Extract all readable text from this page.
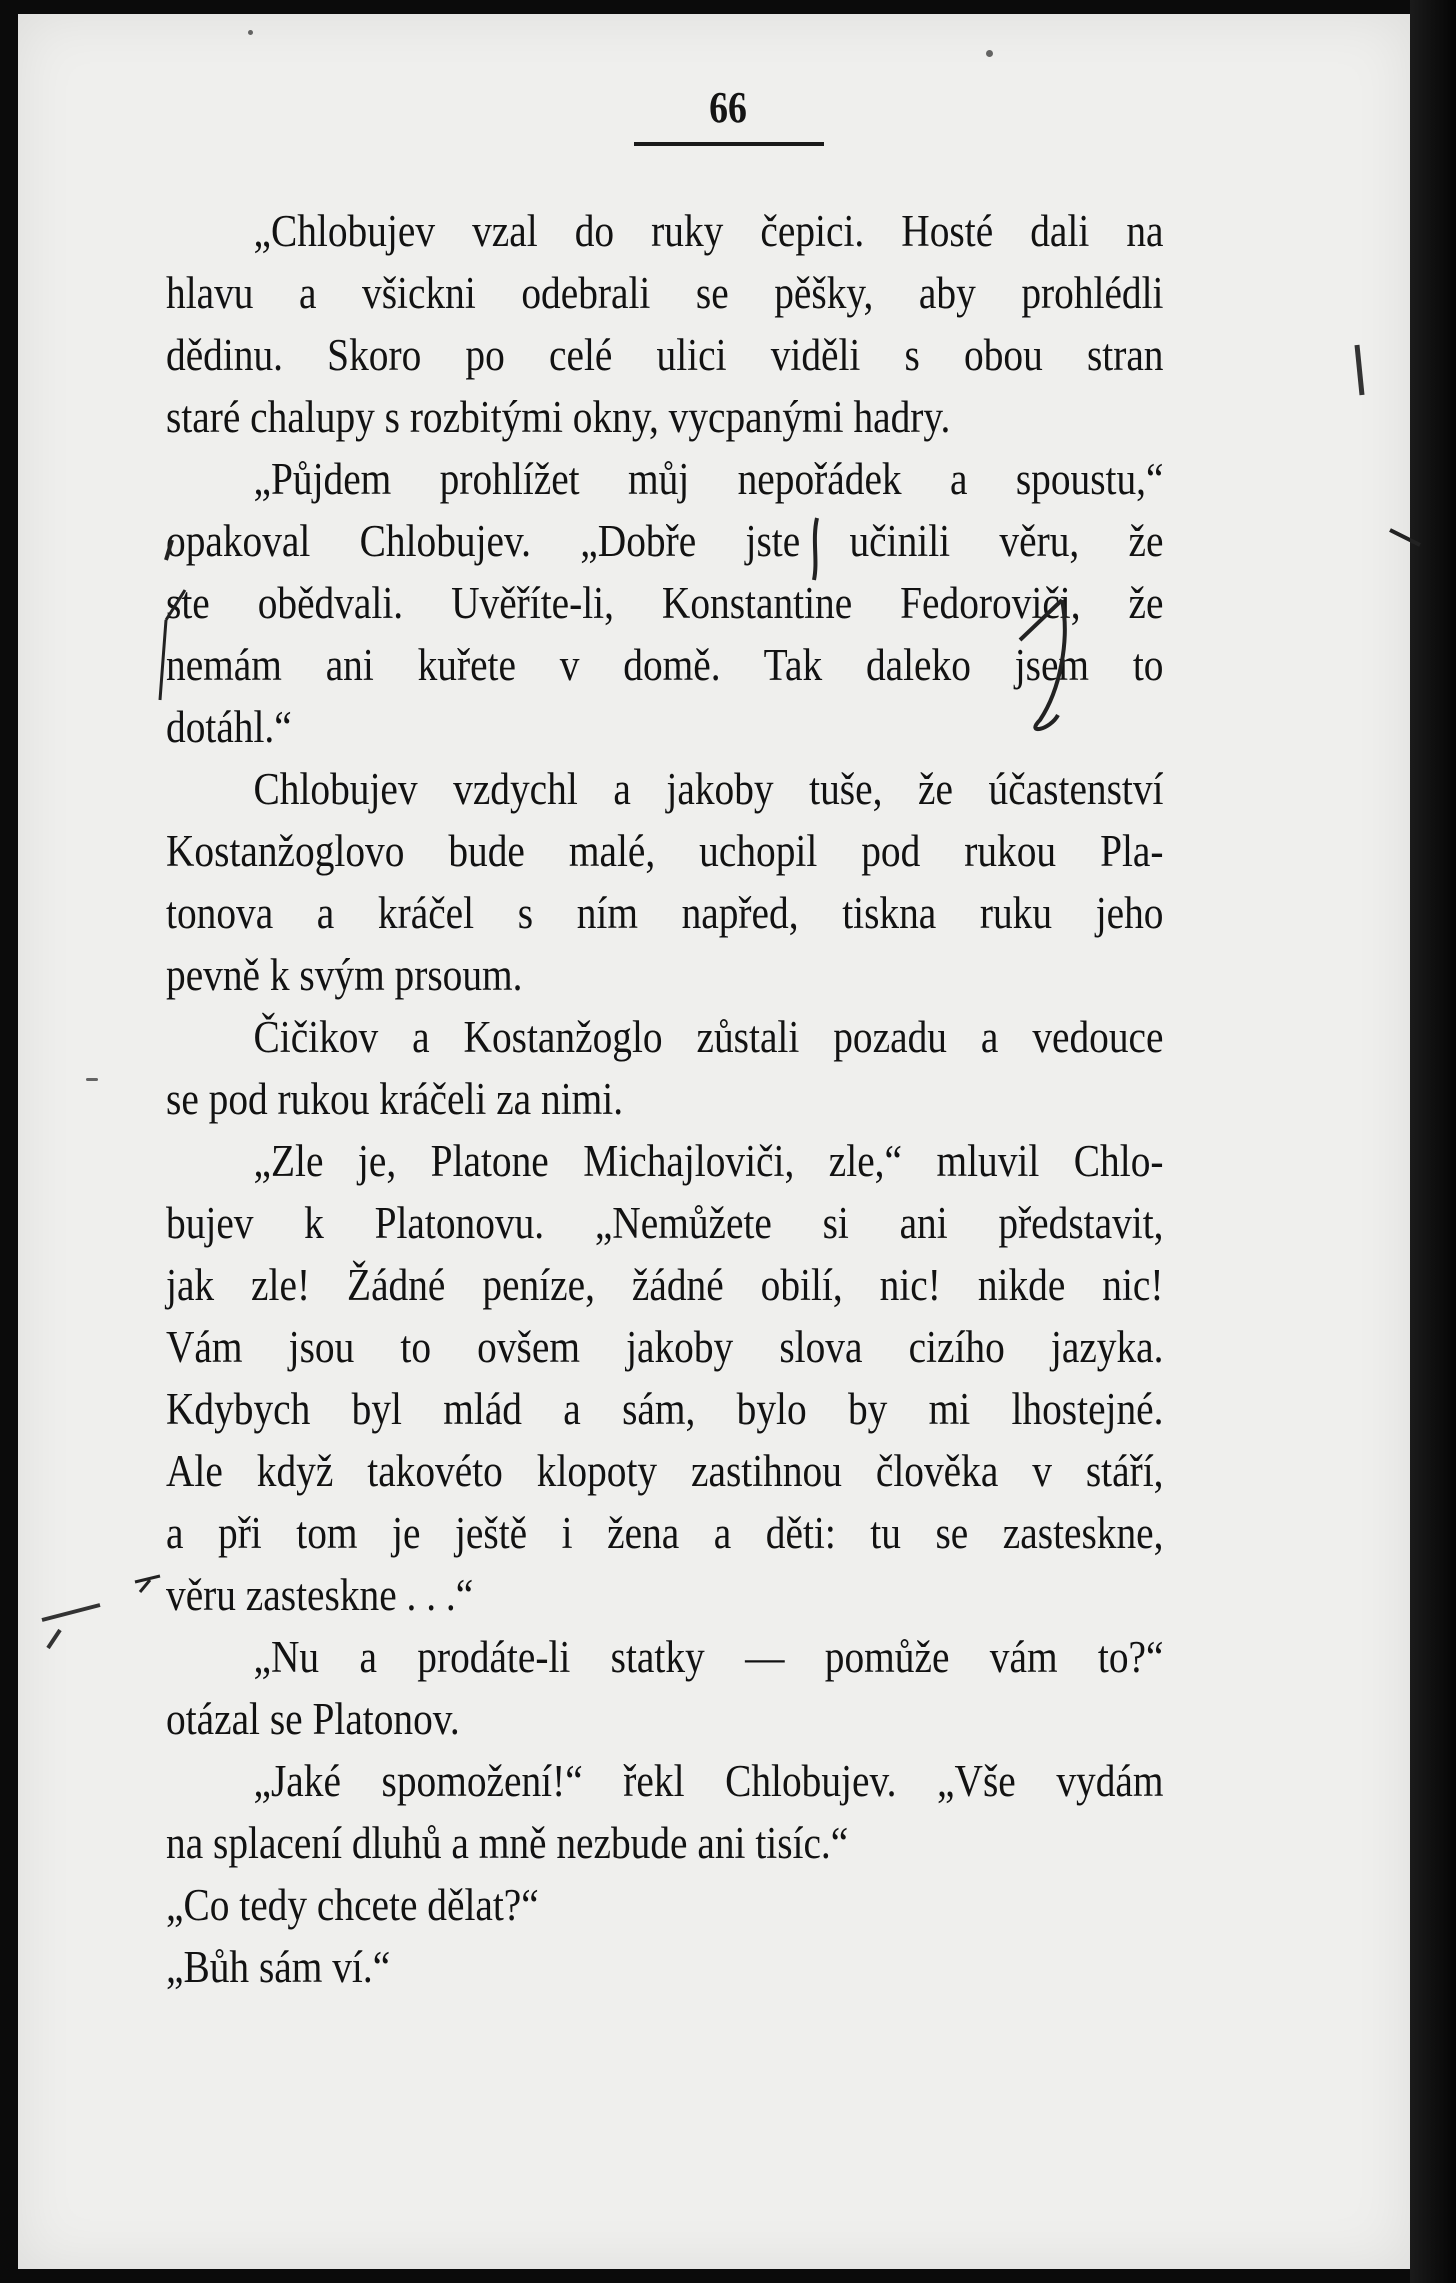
66
„Chlobujev vzal do ruky čepici. Hosté dali na
hlavu a všickni odebrali se pěšky, aby prohlédli
dědinu. Skoro po celé ulici viděli s obou stran
staré chalupy s rozbitými okny, vycpanými hadry.
„Půjdem prohlížet můj nepořádek a spoustu,“
opakoval Chlobujev. „Dobře jste učinili věru, že
ste obědvali. Uvěříte-li, Konstantine Fedoroviči, že
nemám ani kuřete v domě. Tak daleko jsem to
dotáhl.“
Chlobujev vzdychl a jakoby tuše, že účastenství
Kostanžoglovo bude malé, uchopil pod rukou Pla-
tonova a kráčel s ním napřed, tiskna ruku jeho
pevně k svým prsoum.
Čičikov a Kostanžoglo zůstali pozadu a vedouce
se pod rukou kráčeli za nimi.
„Zle je, Platone Michajloviči, zle,“ mluvil Chlo-
bujev k Platonovu. „Nemůžete si ani představit,
jak zle! Žádné peníze, žádné obilí, nic! nikde nic!
Vám jsou to ovšem jakoby slova cizího jazyka.
Kdybych byl mlád a sám, bylo by mi lhostejné.
Ale když takovéto klopoty zastihnou člověka v stáří,
a při tom je ještě i žena a děti: tu se zasteskne,
věru zasteskne . . .“
„Nu a prodáte-li statky — pomůže vám to?“
otázal se Platonov.
„Jaké spomožení!“ řekl Chlobujev. „Vše vydám
na splacení dluhů a mně nezbude ani tisíc.“
„Co tedy chcete dělat?“
„Bůh sám ví.“
